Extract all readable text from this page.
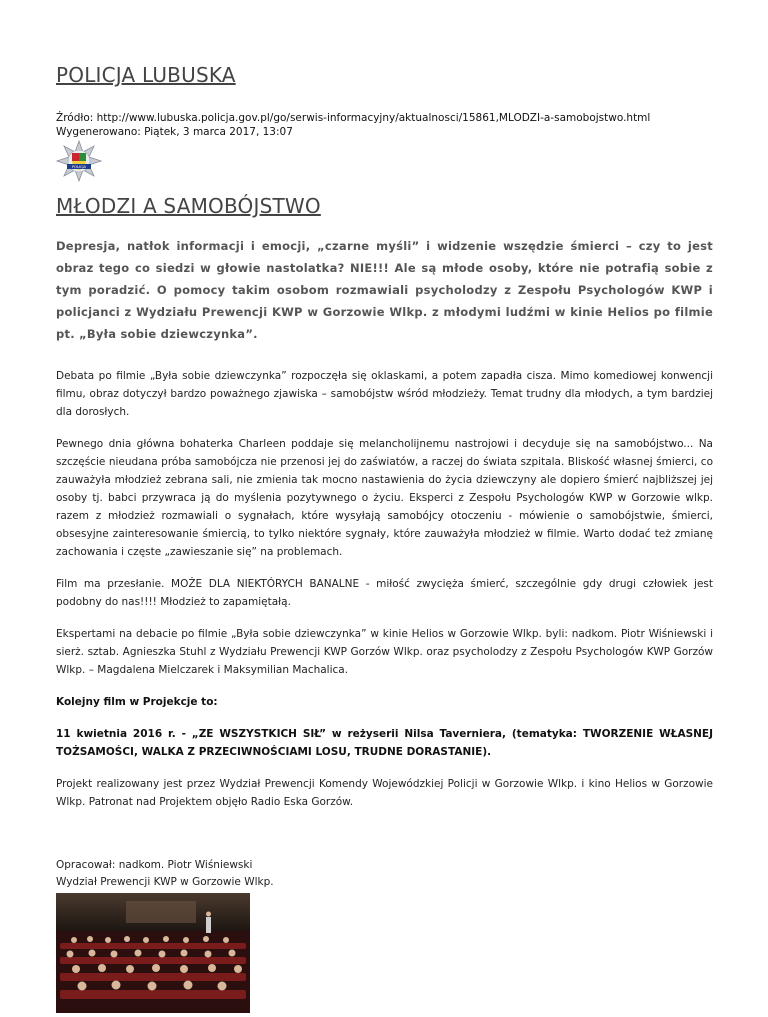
POLICJA LUBUSKA
Źródło: http://www.lubuska.policja.gov.pl/go/serwis-informacyjny/aktualnosci/15861,MLODZI-a-samobojstwo.html
Wygenerowano: Piątek, 3 marca 2017, 13:07
POLICJA
MŁODZI A SAMOBÓJSTWO

Depresja, natłok informacji i emocji, „czarne myśli” i widzenie wszędzie śmierci – czy to jest obraz tego co siedzi w głowie nastolatka? NIE!!! Ale są młode osoby, które nie potrafią sobie z tym poradzić. O pomocy takim osobom rozmawiali psycholodzy z Zespołu Psychologów KWP i policjanci z Wydziału Prewencji KWP w Gorzowie Wlkp. z młodymi ludźmi w kinie Helios po filmie pt. „Była sobie dziewczynka”.

Debata po filmie „Była sobie dziewczynka” rozpoczęła się oklaskami, a potem zapadła cisza. Mimo komediowej konwencji filmu, obraz dotyczył bardzo poważnego zjawiska – samobójstw wśród młodzieży. Temat trudny dla młodych, a tym bardziej dla dorosłych.

Pewnego dnia główna bohaterka Charleen poddaje się melancholijnemu nastrojowi i decyduje się na samobójstwo... Na szczęście nieudana próba samobójcza nie przenosi jej do zaświatów, a raczej do świata szpitala. Bliskość własnej śmierci, co zauważyła młodzież zebrana sali, nie zmienia tak mocno nastawienia do życia dziewczyny ale dopiero śmierć najbliższej jej osoby tj. babci przywraca ją do myślenia pozytywnego o życiu. Eksperci z Zespołu Psychologów KWP w Gorzowie wlkp. razem z młodzież rozmawiali o sygnałach, które wysyłają samobójcy otoczeniu - mówienie o samobójstwie, śmierci, obsesyjne zainteresowanie śmiercią, to tylko niektóre sygnały, które zauważyła młodzież w filmie. Warto dodać też zmianę zachowania i częste „zawieszanie się” na problemach.

Film ma przesłanie. MOŻE DLA NIEKTÓRYCH BANALNE - miłość zwycięża śmierć, szczególnie gdy drugi człowiek jest podobny do nas!!!! Młodzież to zapamiętałą.

Ekspertami na debacie po filmie „Była sobie dziewczynka” w kinie Helios w Gorzowie Wlkp. byli: nadkom. Piotr Wiśniewski i sierż. sztab. Agnieszka Stuhl z Wydziału Prewencji KWP Gorzów Wlkp. oraz psycholodzy z Zespołu Psychologów KWP Gorzów Wlkp. – Magdalena Mielczarek i Maksymilian Machalica.

Kolejny film w Projekcje to:

11 kwietnia 2016 r. - „ZE WSZYSTKICH SIŁ” w reżyserii Nilsa Taverniera, (tematyka: TWORZENIE WŁASNEJ TOŻSAMOŚCI, WALKA Z PRZECIWNOŚCIAMI LOSU, TRUDNE DORASTANIE).

Projekt realizowany jest przez Wydział Prewencji Komendy Wojewódzkiej Policji w Gorzowie Wlkp. i kino Helios w Gorzowie Wlkp. Patronat nad Projektem objęło Radio Eska Gorzów.

Opracował: nadkom. Piotr Wiśniewski
Wydział Prewencji KWP w Gorzowie Wlkp.
